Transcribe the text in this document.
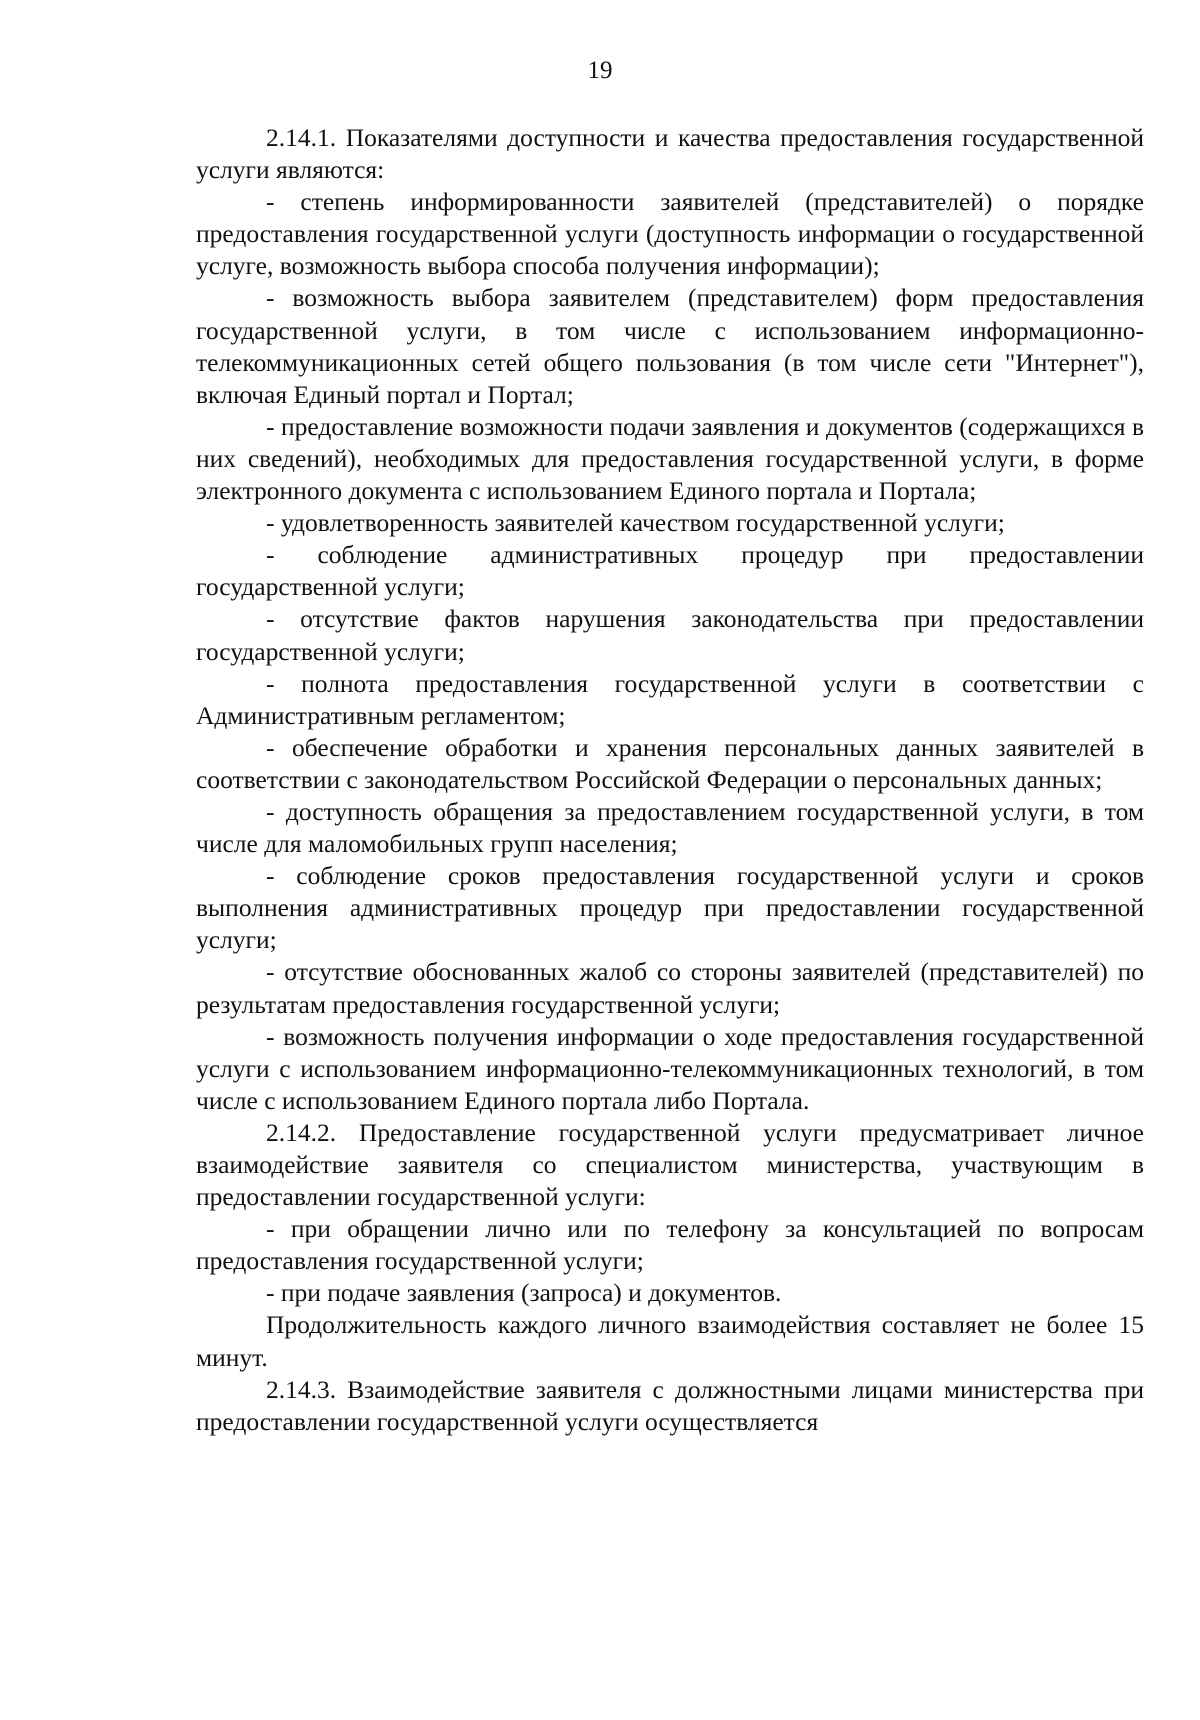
19

2.14.1. Показателями доступности и качества предоставления государственной услуги являются:

- степень информированности заявителей (представителей) о порядке предоставления государственной услуги (доступность информации о государственной услуге, возможность выбора способа получения информации);

- возможность выбора заявителем (представителем) форм предоставления государственной услуги, в том числе с использованием информационно-телекоммуникационных сетей общего пользования (в том числе сети "Интернет"), включая Единый портал и Портал;

- предоставление возможности подачи заявления и документов (содержащихся в них сведений), необходимых для предоставления государственной услуги, в форме электронного документа с использованием Единого портала и Портала;

- удовлетворенность заявителей качеством государственной услуги;

- соблюдение административных процедур при предоставлении государственной услуги;

- отсутствие фактов нарушения законодательства при предоставлении государственной услуги;

- полнота предоставления государственной услуги в соответствии с Административным регламентом;

- обеспечение обработки и хранения персональных данных заявителей в соответствии с законодательством Российской Федерации о персональных данных;

- доступность обращения за предоставлением государственной услуги, в том числе для маломобильных групп населения;

- соблюдение сроков предоставления государственной услуги и сроков выполнения административных процедур при предоставлении государственной услуги;

- отсутствие обоснованных жалоб со стороны заявителей (представителей) по результатам предоставления государственной услуги;

- возможность получения информации о ходе предоставления государственной услуги с использованием информационно-телекоммуникационных технологий, в том числе с использованием Единого портала либо Портала.

2.14.2. Предоставление государственной услуги предусматривает личное взаимодействие заявителя со специалистом министерства, участвующим в предоставлении государственной услуги:

- при обращении лично или по телефону за консультацией по вопросам предоставления государственной услуги;

- при подаче заявления (запроса) и документов.

Продолжительность каждого личного взаимодействия составляет не более 15 минут.

2.14.3. Взаимодействие заявителя с должностными лицами министерства при предоставлении государственной услуги осуществляется
